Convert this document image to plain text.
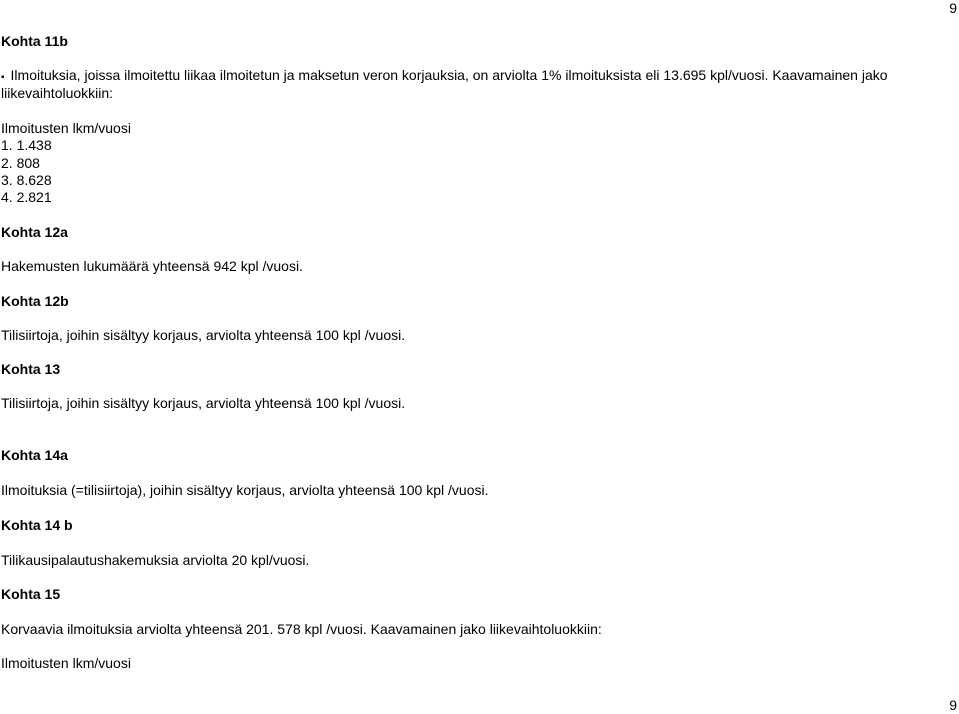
9
Kohta 11b
▪ Ilmoituksia, joissa ilmoitettu liikaa ilmoitetun ja maksetun veron korjauksia, on arviolta 1% ilmoituksista eli 13.695 kpl/vuosi. Kaavamainen jako
liikevaihtoluokkiin:
Ilmoitusten lkm/vuosi
1. 1.438
2. 808
3. 8.628
4. 2.821
Kohta 12a
Hakemusten lukumäärä yhteensä 942 kpl /vuosi.
Kohta 12b
Tilisiirtoja, joihin sisältyy korjaus, arviolta yhteensä 100 kpl /vuosi.
Kohta 13
Tilisiirtoja, joihin sisältyy korjaus, arviolta yhteensä 100 kpl /vuosi.
Kohta 14a
Ilmoituksia (=tilisiirtoja), joihin sisältyy korjaus, arviolta yhteensä 100 kpl /vuosi.
Kohta 14 b
Tilikausipalautushakemuksia arviolta 20 kpl/vuosi.
Kohta 15
Korvaavia ilmoituksia arviolta yhteensä 201. 578 kpl /vuosi. Kaavamainen jako liikevaihtoluokkiin:
Ilmoitusten lkm/vuosi
9
